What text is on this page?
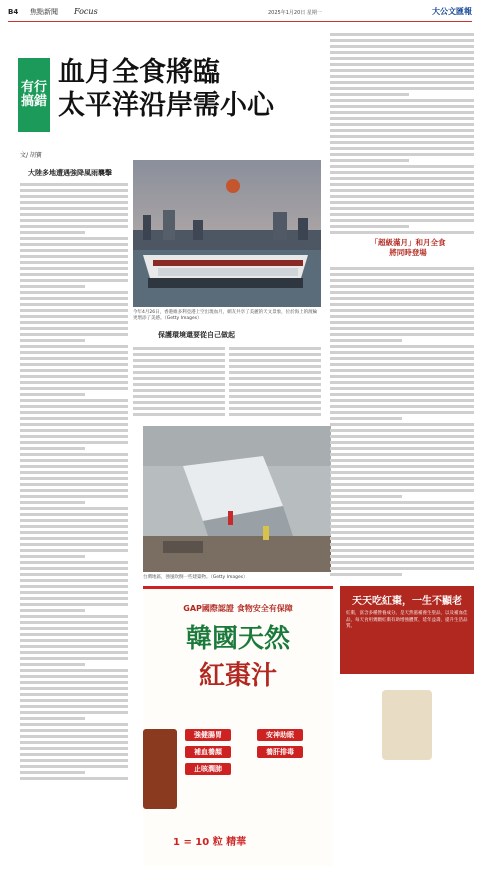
B4 焦點新聞 Focus	2025年1月20日 星期一	大公文匯報
有行搞錯
血月全食將臨
太平洋沿岸需小心
文/ 胡寶
大陸多地遭遇強降風雨襲擊
今年4月26日，香港維多利亞港上空出現血月，網友共享了美麗的天文景象，位於海上的渡輪更增添了美感。（Getty Images）
保護環境還要從自己做起
台灣地區，強風吹倒一些建築物。（Getty Images）
「超級滿月」和月全食
將同時登場
GAP國際認證 食物安全有保障
韓國天然
紅棗汁
強健腸胃	安神助眠
補血養顏	養肝排毒
止咳潤肺
1 = 10 粒 精華
天天吃紅棗，一生不顯老
紅棗，富含多種營養成分。是天然滋補養生聖品，以及補血佳品，每天食用幾顆紅棗有助增強體質、延年益壽，提升生活品質。
